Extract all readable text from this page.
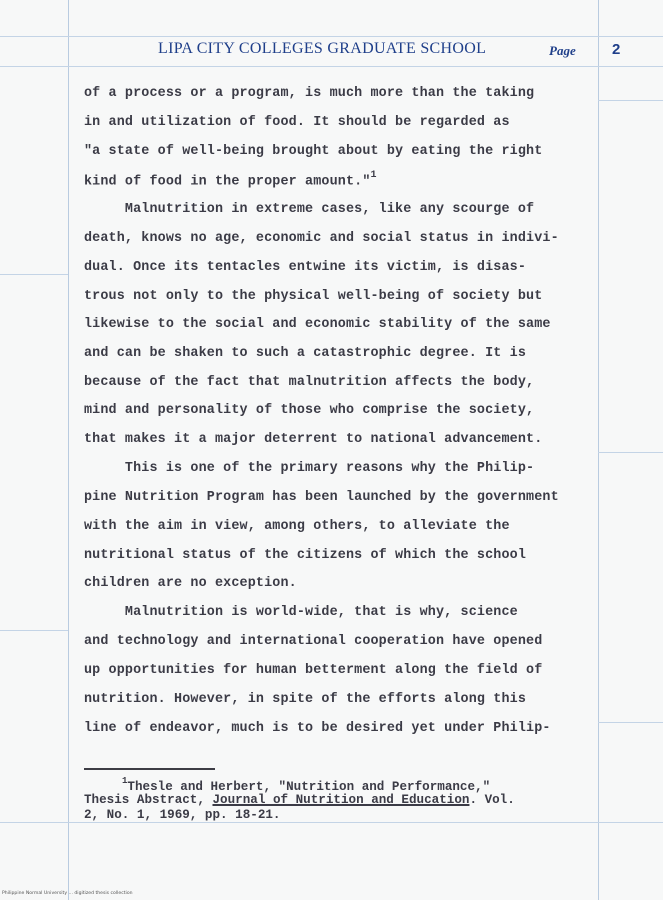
LIPA CITY COLLEGES GRADUATE SCHOOL	Page 2
of a process or a program, is much more than the taking
in and utilization of food. It should be regarded as
"a state of well-being brought about by eating the right
kind of food in the proper amount."$^1$
Malnutrition in extreme cases, like any scourge of
death, knows no age, economic and social status in indivi-
dual. Once its tentacles entwine its victim, is disas-
trous not only to the physical well-being of society but
likewise to the social and economic stability of the same
and can be shaken to such a catastrophic degree. It is
because of the fact that malnutrition affects the body,
mind and personality of those who comprise the society,
that makes it a major deterrent to national advancement.
This is one of the primary reasons why the Philip-
pine Nutrition Program has been launched by the government
with the aim in view, among others, to alleviate the
nutritional status of the citizens of which the school
children are no exception.
Malnutrition is world-wide, that is why, science
and technology and international cooperation have opened
up opportunities for human betterment along the field of
nutrition. However, in spite of the efforts along this
line of endeavor, much is to be desired yet under Philip-
$^1$Thesle and Herbert, "Nutrition and Performance,"
Thesis Abstract, Journal of Nutrition and Education. Vol.
2, No. 1, 1969, pp. 18-21.
Philippine Normal University ... digitized thesis collection
